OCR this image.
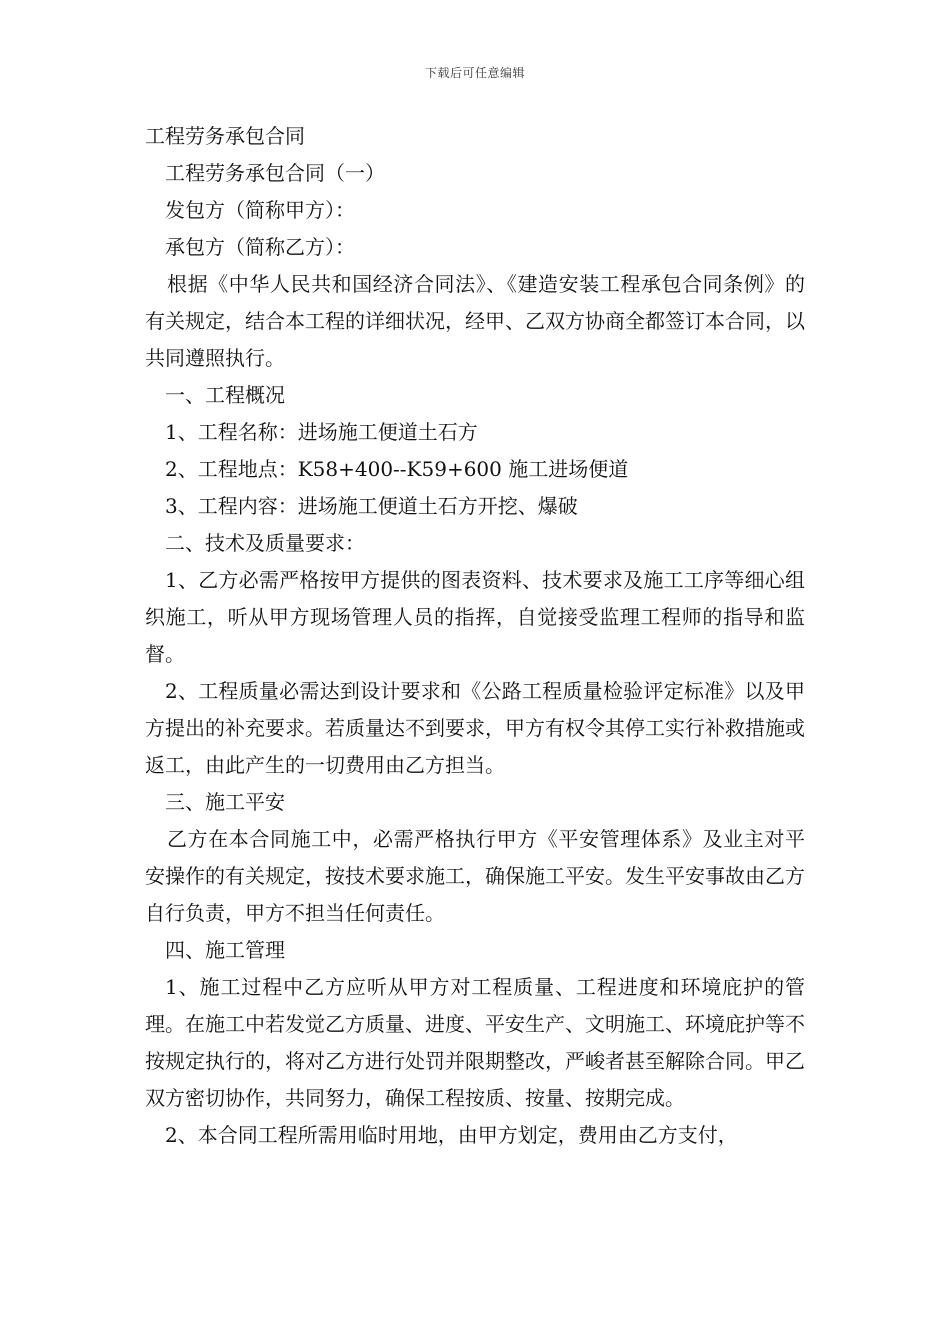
下载后可任意编辑

工程劳务承包合同

工程劳务承包合同（一）

发包方（简称甲方）：

承包方（简称乙方）：

根据《中华人民共和国经济合同法》、《建造安装工程承包合同条例》的有关规定，结合本工程的详细状况，经甲、乙双方协商全都签订本合同，以共同遵照执行。

一、工程概况

1、工程名称：进场施工便道土石方

2、工程地点：K58+400--K59+600 施工进场便道

3、工程内容：进场施工便道土石方开挖、爆破

二、技术及质量要求：

1、乙方必需严格按甲方提供的图表资料、技术要求及施工工序等细心组织施工，听从甲方现场管理人员的指挥，自觉接受监理工程师的指导和监督。

2、工程质量必需达到设计要求和《公路工程质量检验评定标准》以及甲方提出的补充要求。若质量达不到要求，甲方有权令其停工实行补救措施或返工，由此产生的一切费用由乙方担当。

三、施工平安

乙方在本合同施工中，必需严格执行甲方《平安管理体系》及业主对平安操作的有关规定，按技术要求施工，确保施工平安。发生平安事故由乙方自行负责，甲方不担当任何责任。

四、施工管理

1、施工过程中乙方应听从甲方对工程质量、工程进度和环境庇护的管理。在施工中若发觉乙方质量、进度、平安生产、文明施工、环境庇护等不按规定执行的，将对乙方进行处罚并限期整改，严峻者甚至解除合同。甲乙双方密切协作，共同努力，确保工程按质、按量、按期完成。

2、本合同工程所需用临时用地，由甲方划定，费用由乙方支付，
